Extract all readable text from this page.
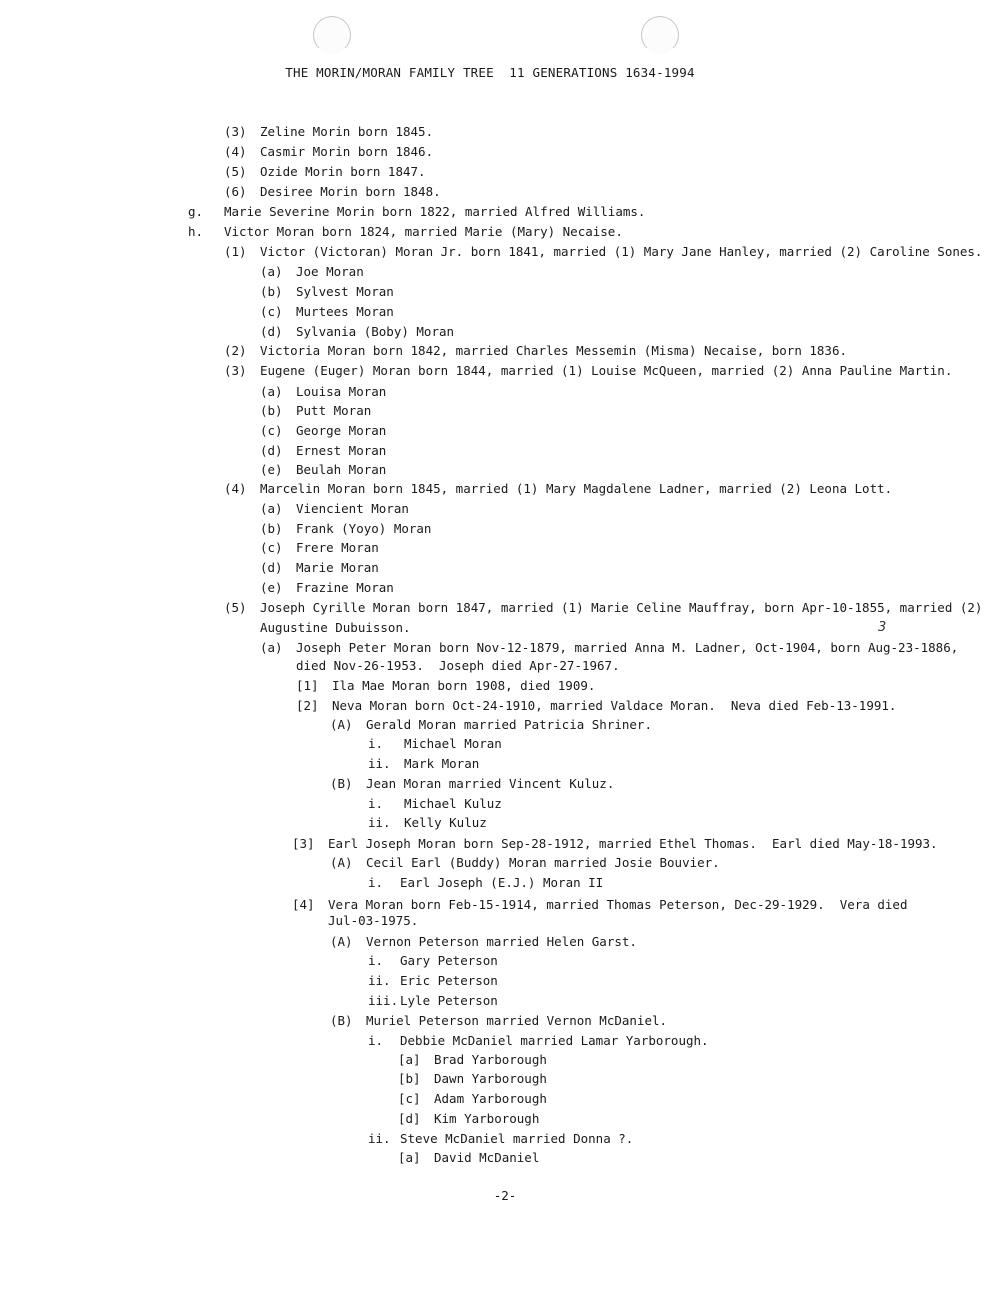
THE MORIN/MORAN FAMILY TREE  11 GENERATIONS 1634-1994
(3) Zeline Morin born 1845.
(4) Casmir Morin born 1846.
(5) Ozide Morin born 1847.
(6) Desiree Morin born 1848.
g. Marie Severine Morin born 1822, married Alfred Williams.
h. Victor Moran born 1824, married Marie (Mary) Necaise.
(1) Victor (Victoran) Moran Jr. born 1841, married (1) Mary Jane Hanley, married (2) Caroline Sones.
(a) Joe Moran
(b) Sylvest Moran
(c) Murtees Moran
(d) Sylvania (Boby) Moran
(2) Victoria Moran born 1842, married Charles Messemin (Misma) Necaise, born 1836.
(3) Eugene (Euger) Moran born 1844, married (1) Louise McQueen, married (2) Anna Pauline Martin.
(a) Louisa Moran
(b) Putt Moran
(c) George Moran
(d) Ernest Moran
(e) Beulah Moran
(4) Marcelin Moran born 1845, married (1) Mary Magdalene Ladner, married (2) Leona Lott.
(a) Viencient Moran
(b) Frank (Yoyo) Moran
(c) Frere Moran
(d) Marie Moran
(e) Frazine Moran
(5) Joseph Cyrille Moran born 1847, married (1) Marie Celine Mauffray, born Apr-10-1855, married (2)
Augustine Dubuisson.
(a) Joseph Peter Moran born Nov-12-1879, married Anna M. Ladner, Oct-1904, born Aug-23-1886,
died Nov-26-1953.  Joseph died Apr-27-1967.
[1] Ila Mae Moran born 1908, died 1909.
[2] Neva Moran born Oct-24-1910, married Valdace Moran.  Neva died Feb-13-1991.
(A) Gerald Moran married Patricia Shriner.
i. Michael Moran
ii. Mark Moran
(B) Jean Moran married Vincent Kuluz.
i. Michael Kuluz
ii. Kelly Kuluz
[3] Earl Joseph Moran born Sep-28-1912, married Ethel Thomas.  Earl died May-18-1993.
(A) Cecil Earl (Buddy) Moran married Josie Bouvier.
i. Earl Joseph (E.J.) Moran II
[4] Vera Moran born Feb-15-1914, married Thomas Peterson, Dec-29-1929.  Vera died
Jul-03-1975.
(A) Vernon Peterson married Helen Garst.
i. Gary Peterson
ii. Eric Peterson
iii. Lyle Peterson
(B) Muriel Peterson married Vernon McDaniel.
i. Debbie McDaniel married Lamar Yarborough.
[a] Brad Yarborough
[b] Dawn Yarborough
[c] Adam Yarborough
[d] Kim Yarborough
ii. Steve McDaniel married Donna ?.
[a] David McDaniel
3
-2-
